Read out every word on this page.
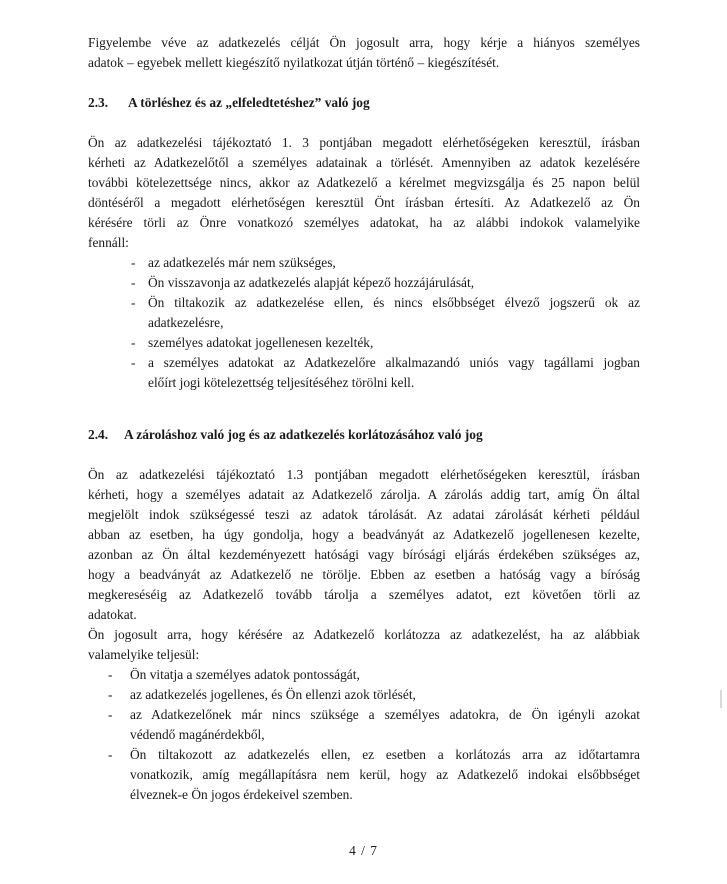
Figyelembe véve az adatkezelés célját Ön jogosult arra, hogy kérje a hiányos személyes

adatok – egyebek mellett kiegészítő nyilatkozat útján történő – kiegészítését.

2.3.	A törléshez és az „elfeledtetéshez” való jog

Ön az adatkezelési tájékoztató 1. 3 pontjában megadott elérhetőségeken keresztül, írásban

kérheti az Adatkezelőtől a személyes adatainak a törlését. Amennyiben az adatok kezelésére

további kötelezettsége nincs, akkor az Adatkezelő a kérelmet megvizsgálja és 25 napon belül

döntéséről a megadott elérhetőségen keresztül Önt írásban értesíti. Az Adatkezelő az Ön

kérésére törli az Önre vonatkozó személyes adatokat, ha az alábbi indokok valamelyike

fennáll:

- az adatkezelés már nem szükséges,

- Ön visszavonja az adatkezelés alapját képező hozzájárulását,

- Ön tiltakozik az adatkezelése ellen, és nincs elsőbbséget élvező jogszerű ok az

adatkezelésre,

- személyes adatokat jogellenesen kezelték,

- a személyes adatokat az Adatkezelőre alkalmazandó uniós vagy tagállami jogban

előírt jogi kötelezettség teljesítéséhez törölni kell.

2.4.	A zároláshoz való jog és az adatkezelés korlátozásához való jog

Ön az adatkezelési tájékoztató 1.3 pontjában megadott elérhetőségeken keresztül, írásban

kérheti, hogy a személyes adatait az Adatkezelő zárolja. A zárolás addig tart, amíg Ön által

megjelölt indok szükségessé teszi az adatok tárolását. Az adatai zárolását kérheti például

abban az esetben, ha úgy gondolja, hogy a beadványát az Adatkezelő jogellenesen kezelte,

azonban az Ön által kezdeményezett hatósági vagy bírósági eljárás érdekében szükséges az,

hogy a beadványát az Adatkezelő ne törölje. Ebben az esetben a hatóság vagy a bíróság

megkereséséig az Adatkezelő tovább tárolja a személyes adatot, ezt követően törli az

adatokat.

Ön jogosult arra, hogy kérésére az Adatkezelő korlátozza az adatkezelést, ha az alábbiak

valamelyike teljesül:

- Ön vitatja a személyes adatok pontosságát,

- az adatkezelés jogellenes, és Ön ellenzi azok törlését,

- az Adatkezelőnek már nincs szüksége a személyes adatokra, de Ön igényli azokat

védendő magánérdekből,

- Ön tiltakozott az adatkezelés ellen, ez esetben a korlátozás arra az időtartamra

vonatkozik, amíg megállapításra nem kerül, hogy az Adatkezelő indokai elsőbbséget

élveznek-e Ön jogos érdekeivel szemben.

4 / 7
